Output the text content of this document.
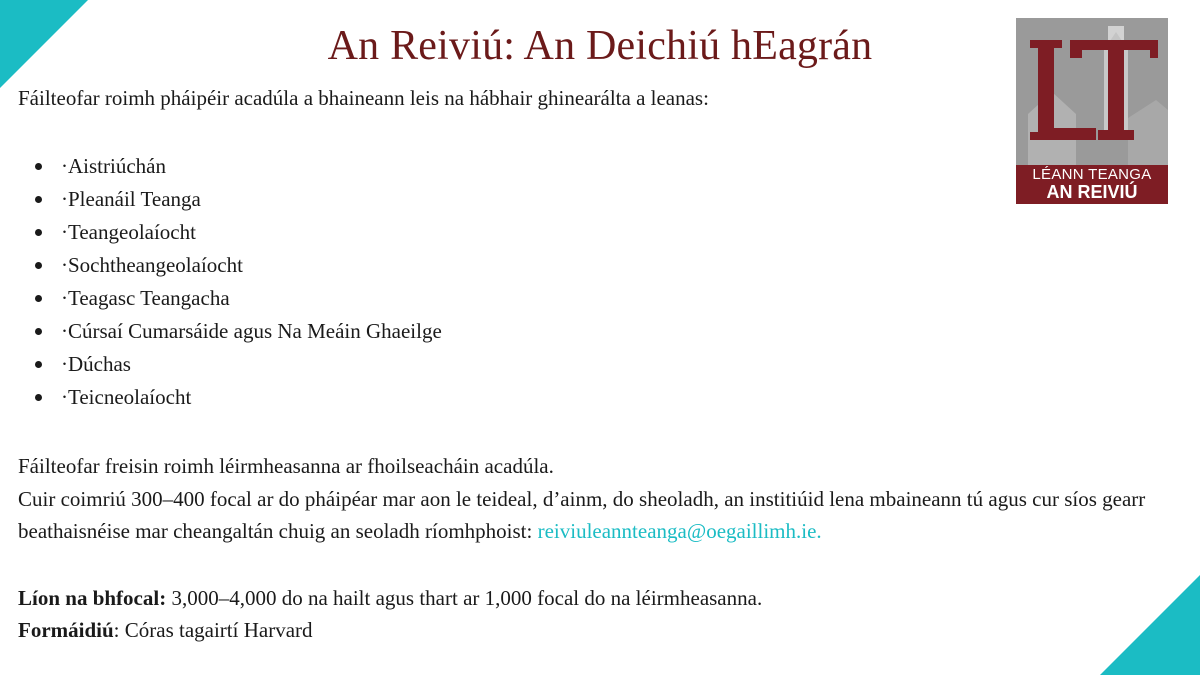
An Reiviú: An Deichiú hEagrán

Fáilteofar roimh pháipéir acadúla a bhaineann leis na hábhair ghinearálta a leanas:

·Aistriúchán
·Pleanáil Teanga
·Teangeolaíocht
·Sochtheangeolaíocht
·Teagasc Teangacha
·Cúrsaí Cumarsáide agus Na Meáin Ghaeilge
·Dúchas
·Teicneolaíocht

Fáilteofar freisin roimh léirmheasanna ar fhoilseacháin acadúla.

Cuir coimriú 300–400 focal ar do pháipéar mar aon le teideal, d’ainm, do sheoladh, an institiúid lena mbaineann tú agus cur síos gearr beathaisnéise mar cheangaltán chuig an seoladh ríomhphoist: reiviuleannteanga@oegaillimh.ie.

Líon na bhfocal: 3,000–4,000 do na hailt agus thart ar 1,000 focal do na léirmheasanna.

Formáidiú: Córas tagairtí Harvard

LÉANN TEANGA
AN REIVIÚ
